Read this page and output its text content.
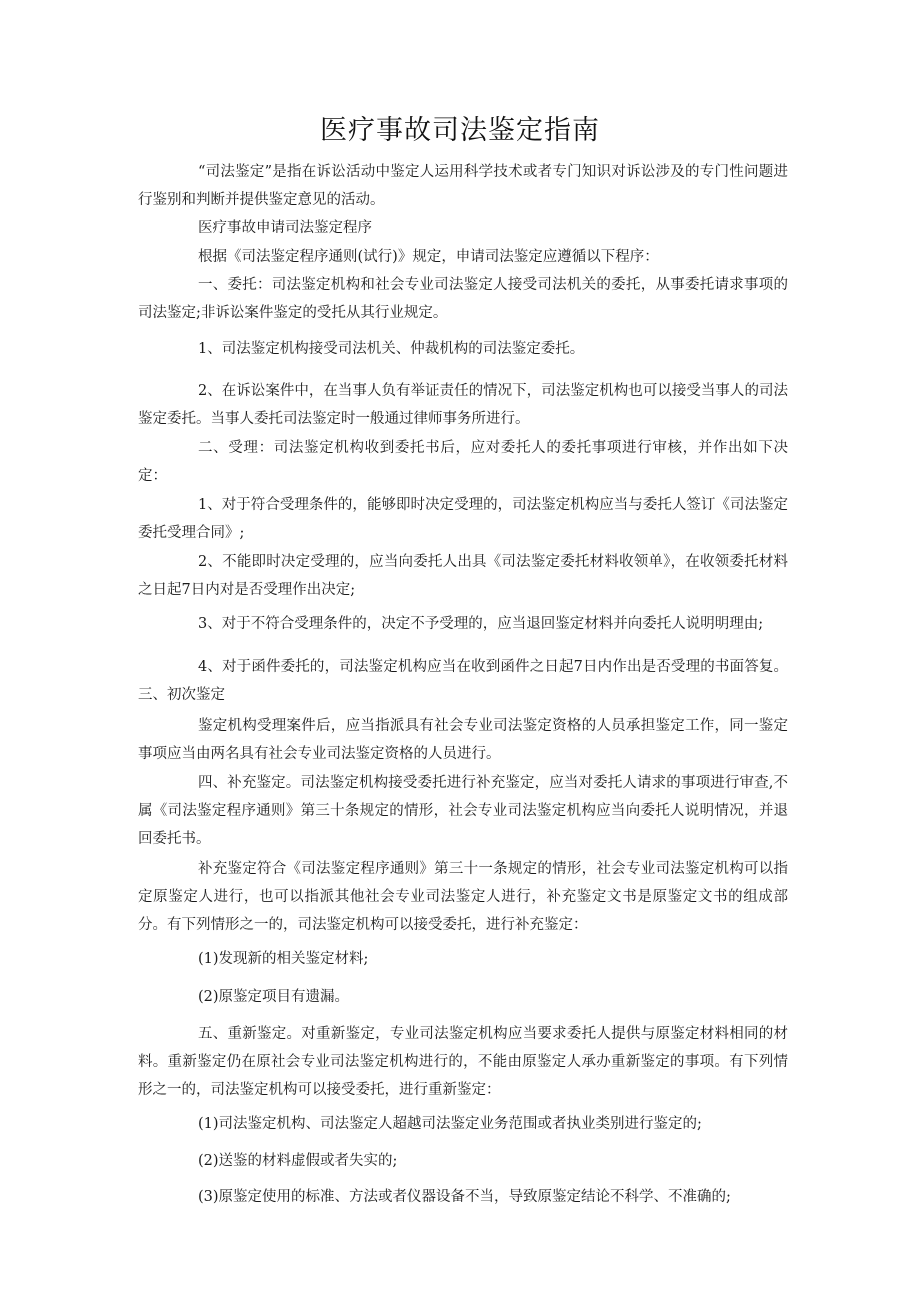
医疗事故司法鉴定指南

“司法鉴定”是指在诉讼活动中鉴定人运用科学技术或者专门知识对诉讼涉及的专门性问题进行鉴别和判断并提供鉴定意见的活动。

医疗事故申请司法鉴定程序

根据《司法鉴定程序通则(试行)》规定，申请司法鉴定应遵循以下程序：

一、委托：司法鉴定机构和社会专业司法鉴定人接受司法机关的委托，从事委托请求事项的司法鉴定;非诉讼案件鉴定的受托从其行业规定。

1、司法鉴定机构接受司法机关、仲裁机构的司法鉴定委托。

2、在诉讼案件中，在当事人负有举证责任的情况下，司法鉴定机构也可以接受当事人的司法鉴定委托。当事人委托司法鉴定时一般通过律师事务所进行。

二、受理：司法鉴定机构收到委托书后，应对委托人的委托事项进行审核，并作出如下决定：

1、对于符合受理条件的，能够即时决定受理的，司法鉴定机构应当与委托人签订《司法鉴定委托受理合同》;

2、不能即时决定受理的，应当向委托人出具《司法鉴定委托材料收领单》，在收领委托材料之日起7日内对是否受理作出决定;

3、对于不符合受理条件的，决定不予受理的，应当退回鉴定材料并向委托人说明明理由;

4、对于函件委托的，司法鉴定机构应当在收到函件之日起7日内作出是否受理的书面答复。三、初次鉴定

鉴定机构受理案件后，应当指派具有社会专业司法鉴定资格的人员承担鉴定工作，同一鉴定事项应当由两名具有社会专业司法鉴定资格的人员进行。

四、补充鉴定。司法鉴定机构接受委托进行补充鉴定，应当对委托人请求的事项进行审查,不属《司法鉴定程序通则》第三十条规定的情形，社会专业司法鉴定机构应当向委托人说明情况，并退回委托书。

补充鉴定符合《司法鉴定程序通则》第三十一条规定的情形，社会专业司法鉴定机构可以指定原鉴定人进行，也可以指派其他社会专业司法鉴定人进行，补充鉴定文书是原鉴定文书的组成部分。有下列情形之一的，司法鉴定机构可以接受委托，进行补充鉴定：

(1)发现新的相关鉴定材料;

(2)原鉴定项目有遗漏。

五、重新鉴定。对重新鉴定，专业司法鉴定机构应当要求委托人提供与原鉴定材料相同的材料。重新鉴定仍在原社会专业司法鉴定机构进行的，不能由原鉴定人承办重新鉴定的事项。有下列情形之一的，司法鉴定机构可以接受委托，进行重新鉴定：

(1)司法鉴定机构、司法鉴定人超越司法鉴定业务范围或者执业类别进行鉴定的;

(2)送鉴的材料虚假或者失实的;

(3)原鉴定使用的标准、方法或者仪器设备不当，导致原鉴定结论不科学、不准确的;
